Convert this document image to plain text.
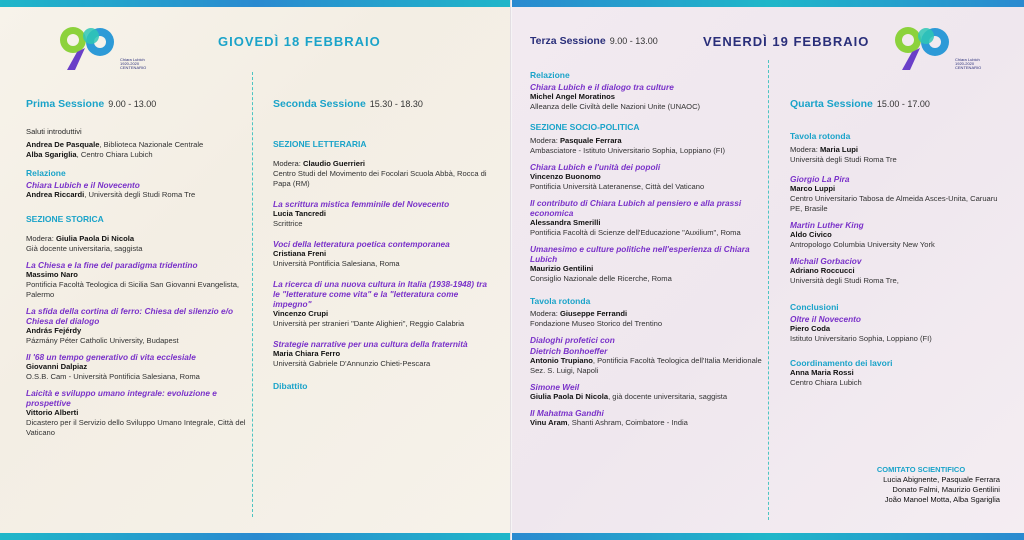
Chiara Lubich
1920-2020
CENTENARIO
GIOVEDÌ 18 FEBBRAIO
Prima Sessione 9.00 - 13.00
Saluti introduttivi
Andrea De Pasquale, Biblioteca Nazionale Centrale
Alba Sgariglia, Centro Chiara Lubich
Relazione
Chiara Lubich e il Novecento
Andrea Riccardi, Università degli Studi Roma Tre
SEZIONE STORICA
Modera: Giulia Paola Di Nicola
Già docente universitaria, saggista
La Chiesa e la fine del paradigma tridentino
Massimo Naro
Pontificia Facoltà Teologica di Sicilia San Giovanni Evangelista, Palermo
La sfida della cortina di ferro: Chiesa del silenzio e/o Chiesa del dialogo
András Fejérdy
Pázmány Péter Catholic University, Budapest
Il '68 un tempo generativo di vita ecclesiale
Giovanni Dalpiaz
O.S.B. Cam - Università Pontificia Salesiana, Roma
Laicità e sviluppo umano integrale: evoluzione e prospettive
Vittorio Alberti
Dicastero per il Servizio dello Sviluppo Umano Integrale, Città del Vaticano
Seconda Sessione 15.30 - 18.30
SEZIONE LETTERARIA
Modera: Claudio Guerrieri
Centro Studi del Movimento dei Focolari Scuola Abbà, Rocca di Papa (RM)
La scrittura mistica femminile del Novecento
Lucia Tancredi
Scrittrice
Voci della letteratura poetica contemporanea
Cristiana Freni
Università Pontificia Salesiana, Roma
La ricerca di una nuova cultura in Italia (1938-1948) tra le "letterature come vita" e la "letteratura come impegno"
Vincenzo Crupi
Università per stranieri "Dante Alighieri", Reggio Calabria
Strategie narrative per una cultura della fraternità
Maria Chiara Ferro
Università Gabriele D'Annunzio Chieti-Pescara
Dibattito
Terza Sessione 9.00 - 13.00
Relazione
Chiara Lubich e il dialogo tra culture
Michel Angel Moratinos
Alleanza delle Civiltà delle Nazioni Unite (UNAOC)
SEZIONE SOCIO-POLITICA
Modera: Pasquale Ferrara
Ambasciatore - Istituto Universitario Sophia, Loppiano (FI)
Chiara Lubich e l'unità dei popoli
Vincenzo Buonomo
Pontificia Università Lateranense, Città del Vaticano
Il contributo di Chiara Lubich al pensiero e alla prassi economica
Alessandra Smerilli
Pontificia Facoltà di Scienze dell'Educazione "Auxilium", Roma
Umanesimo e culture politiche nell'esperienza di Chiara Lubich
Maurizio Gentilini
Consiglio Nazionale delle Ricerche, Roma
Tavola rotonda
Modera: Giuseppe Ferrandi
Fondazione Museo Storico del Trentino
Dialoghi profetici con
Dietrich Bonhoeffer
Antonio Trupiano, Pontificia Facoltà Teologica dell'Italia Meridionale Sez. S. Luigi, Napoli
Simone Weil
Giulia Paola Di Nicola, già docente universitaria, saggista
Il Mahatma Gandhi
Vinu Aram, Shanti Ashram, Coimbatore - India
VENERDÌ 19 FEBBRAIO
Chiara Lubich
1920-2020
CENTENARIO
Quarta Sessione 15.00 - 17.00
Tavola rotonda
Modera: Maria Lupi
Università degli Studi Roma Tre
Giorgio La Pira
Marco Luppi
Centro Universitario Tabosa de Almeida Asces-Unita, Caruaru PE, Brasile
Martin Luther King
Aldo Civico
Antropologo Columbia University New York
Michail Gorbaciov
Adriano Roccucci
Università degli Studi Roma Tre,
Conclusioni
Oltre il Novecento
Piero Coda
Istituto Universitario Sophia, Loppiano (FI)
Coordinamento dei lavori
Anna Maria Rossi
Centro Chiara Lubich
COMITATO SCIENTIFICO
Lucia Abignente, Pasquale Ferrara
Donato Falmi, Maurizio Gentilini
João Manoel Motta, Alba Sgariglia
